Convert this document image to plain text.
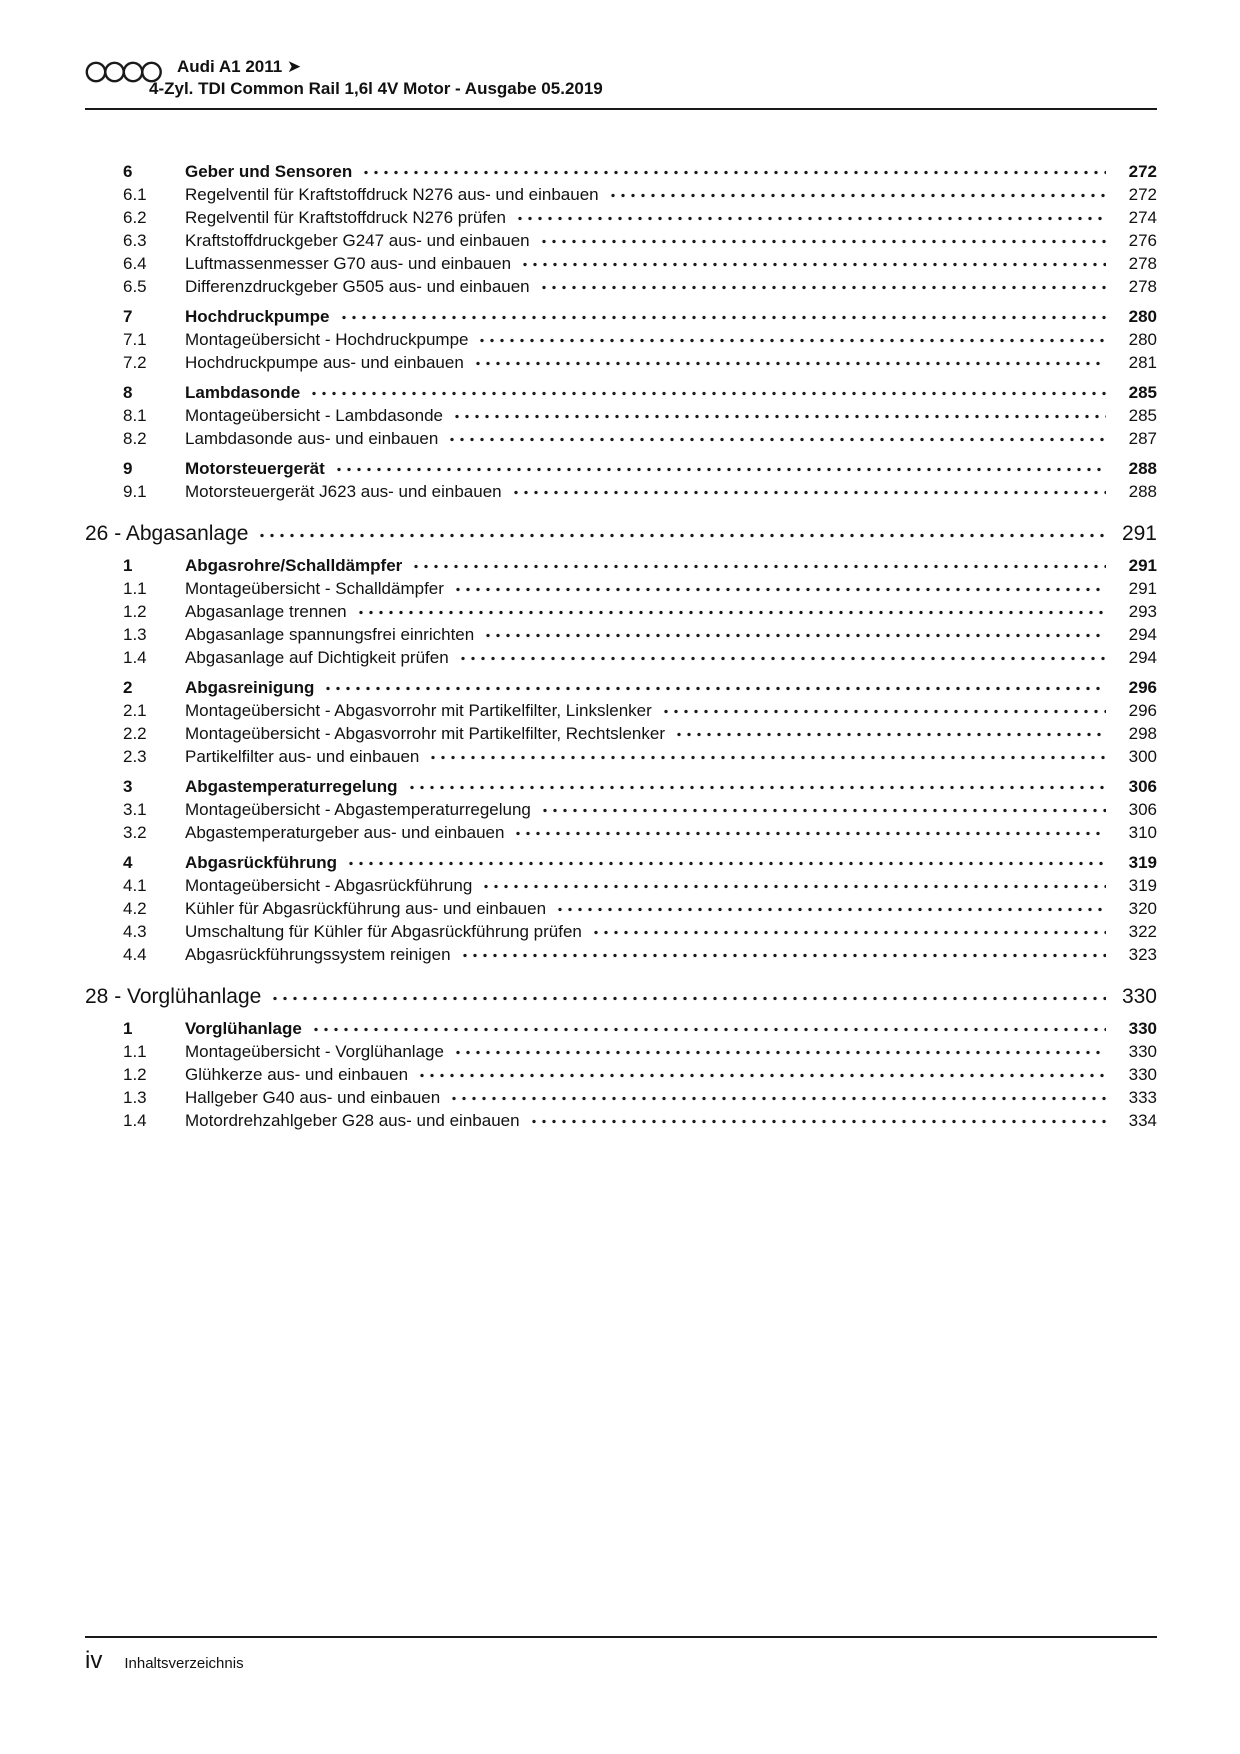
Audi A1 2011 ➤
4-Zyl. TDI Common Rail 1,6l 4V Motor - Ausgabe 05.2019
6	Geber und Sensoren	272
6.1	Regelventil für Kraftstoffdruck N276 aus- und einbauen	272
6.2	Regelventil für Kraftstoffdruck N276 prüfen	274
6.3	Kraftstoffdruckgeber G247 aus- und einbauen	276
6.4	Luftmassenmesser G70 aus- und einbauen	278
6.5	Differenzdruckgeber G505 aus- und einbauen	278
7	Hochdruckpumpe	280
7.1	Montageübersicht - Hochdruckpumpe	280
7.2	Hochdruckpumpe aus- und einbauen	281
8	Lambdasonde	285
8.1	Montageübersicht - Lambdasonde	285
8.2	Lambdasonde aus- und einbauen	287
9	Motorsteuergerät	288
9.1	Motorsteuergerät J623 aus- und einbauen	288
26 - Abgasanlage	291
1	Abgasrohre/Schalldämpfer	291
1.1	Montageübersicht - Schalldämpfer	291
1.2	Abgasanlage trennen	293
1.3	Abgasanlage spannungsfrei einrichten	294
1.4	Abgasanlage auf Dichtigkeit prüfen	294
2	Abgasreinigung	296
2.1	Montageübersicht - Abgasvorrohr mit Partikelfilter, Linkslenker	296
2.2	Montageübersicht - Abgasvorrohr mit Partikelfilter, Rechtslenker	298
2.3	Partikelfilter aus- und einbauen	300
3	Abgastemperaturregelung	306
3.1	Montageübersicht - Abgastemperaturregelung	306
3.2	Abgastemperaturgeber aus- und einbauen	310
4	Abgasrückführung	319
4.1	Montageübersicht - Abgasrückführung	319
4.2	Kühler für Abgasrückführung aus- und einbauen	320
4.3	Umschaltung für Kühler für Abgasrückführung prüfen	322
4.4	Abgasrückführungssystem reinigen	323
28 - Vorglühanlage	330
1	Vorglühanlage	330
1.1	Montageübersicht - Vorglühanlage	330
1.2	Glühkerze aus- und einbauen	330
1.3	Hallgeber G40 aus- und einbauen	333
1.4	Motordrehzahlgeber G28 aus- und einbauen	334
iv Inhaltsverzeichnis
